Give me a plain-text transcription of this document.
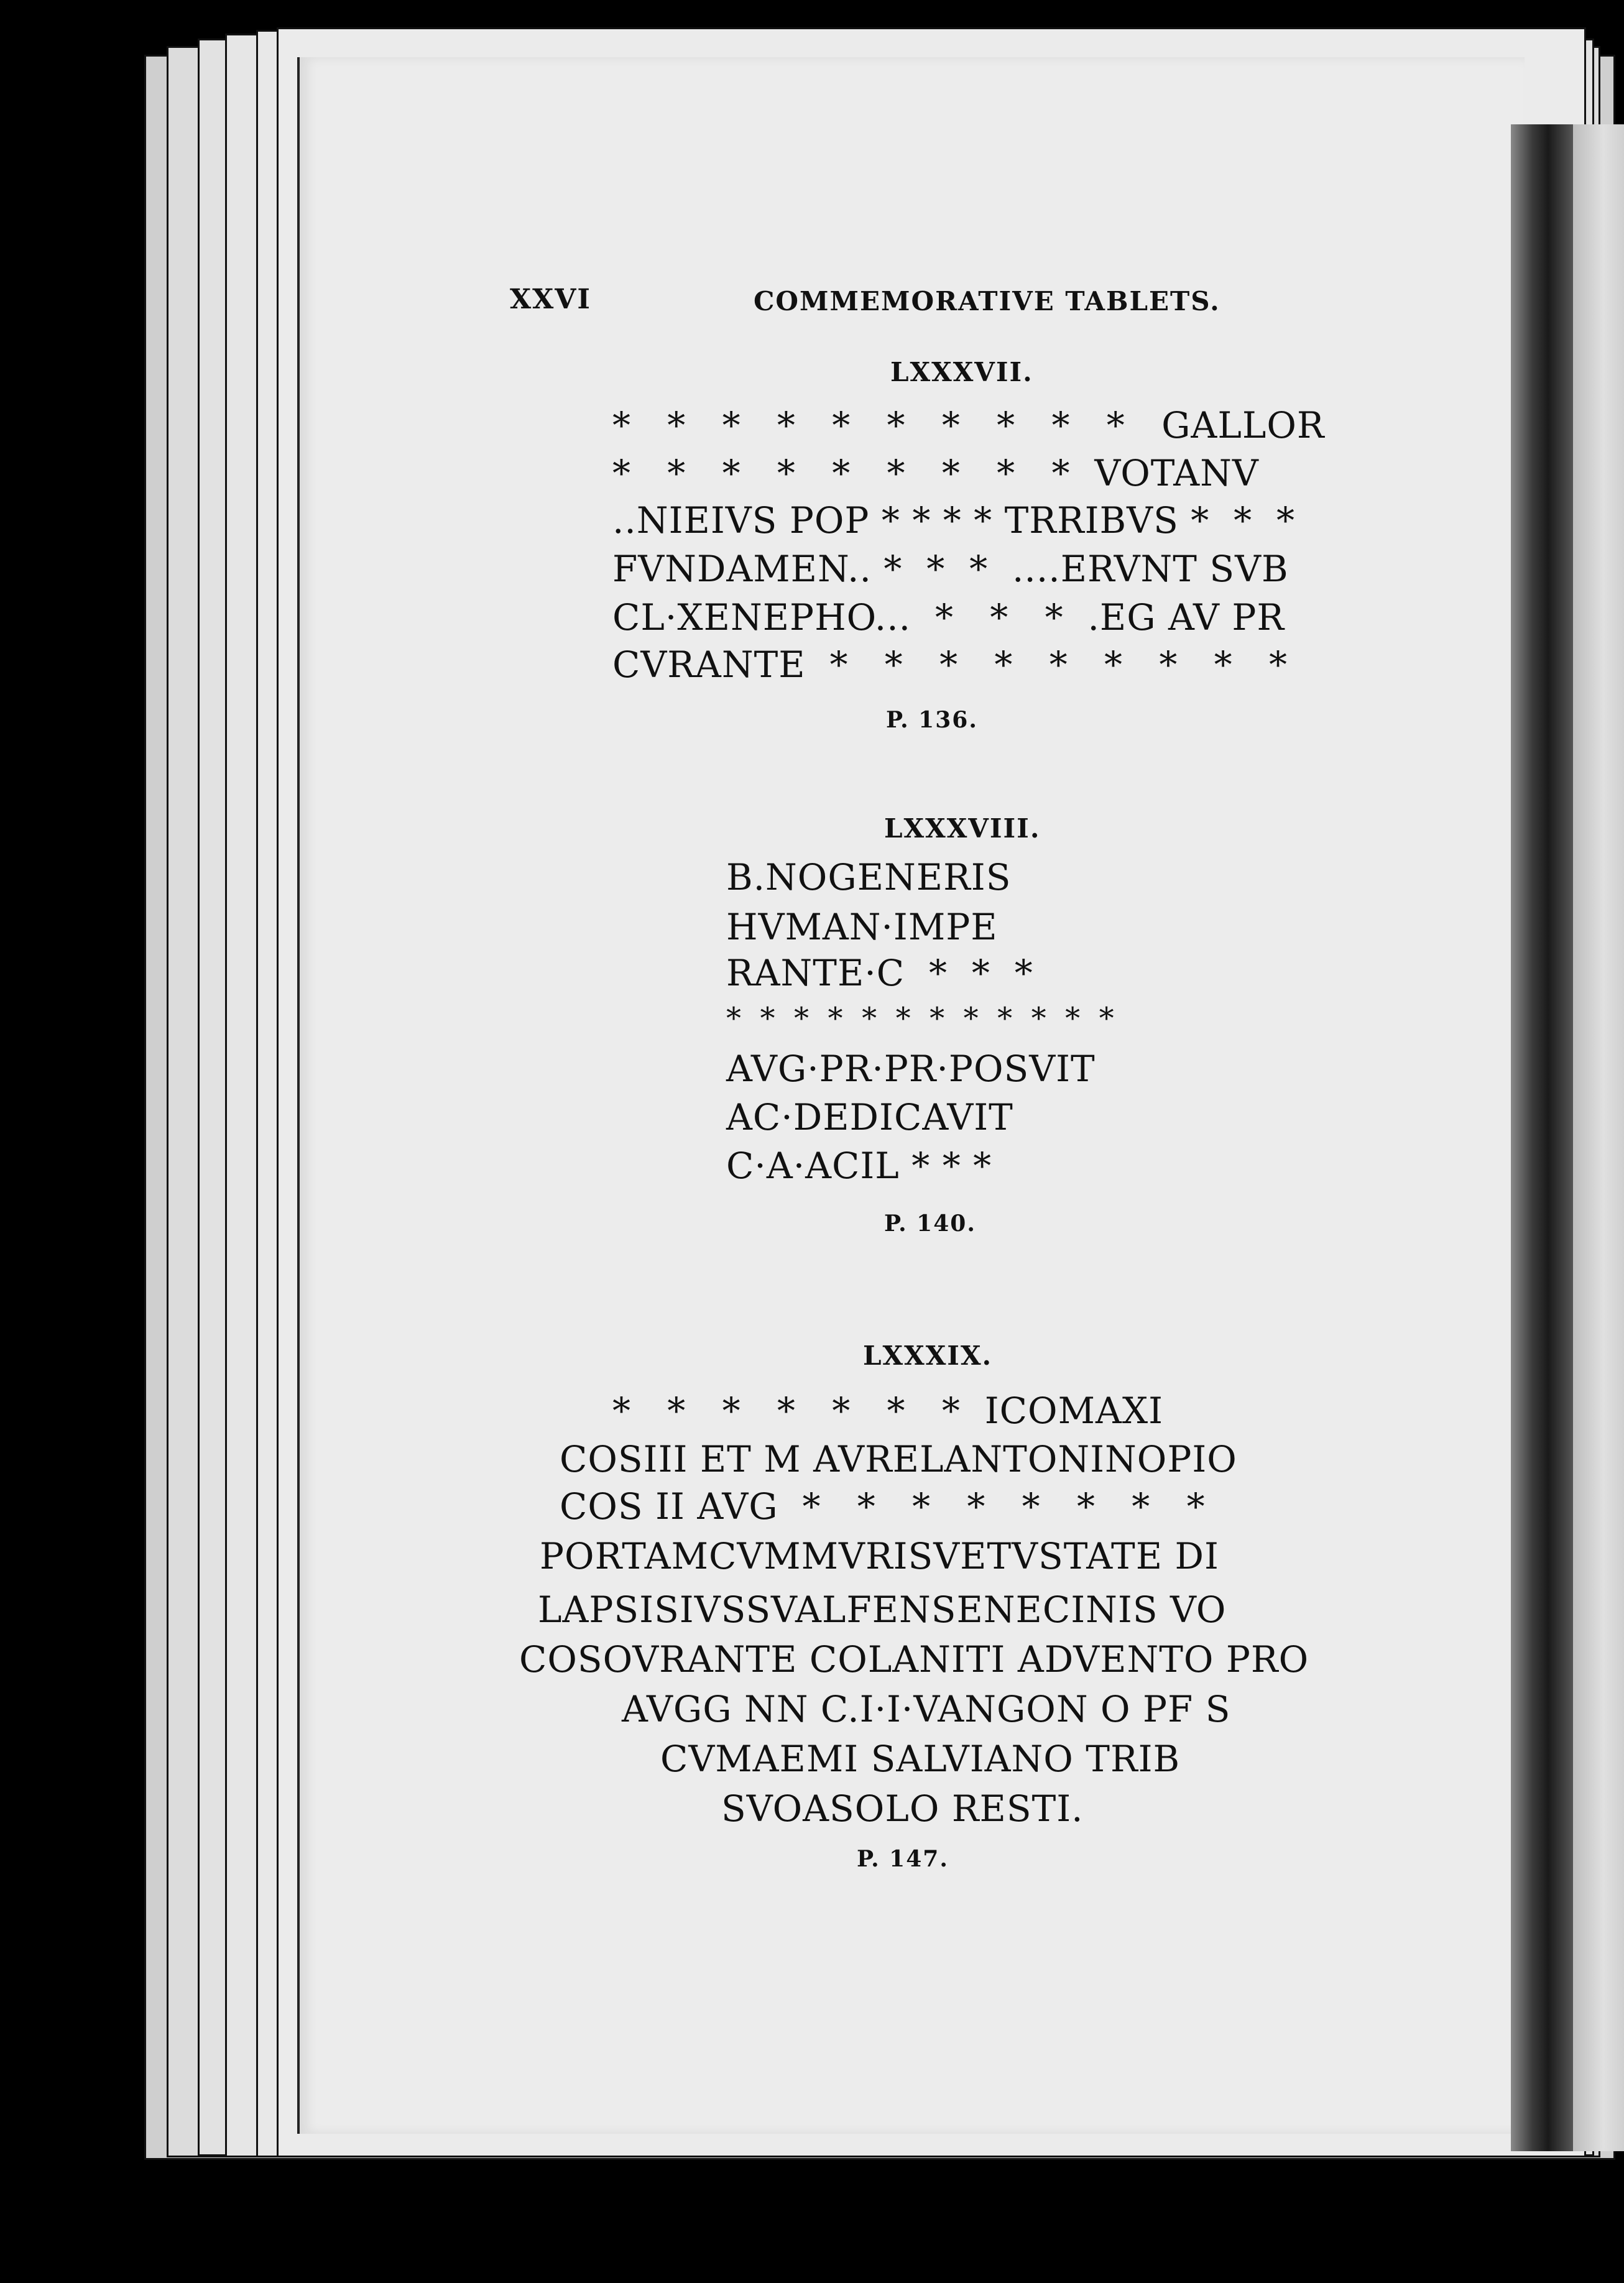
XXVI	COMMEMORATIVE TABLETS.
LXXXVII.
*   *   *   *   *   *   *   *   *   *   GALLOR
*   *   *   *   *   *   *   *   *  VOTANV
..NIEIVS POP * * * * TRRIBVS *  *  *
FVNDAMEN.. *  *  *  ....ERVNT SVB
CL·XENEPHO...  *   *   *  .EG AV PR
CVRANTE  *   *   *   *   *   *   *   *   *
P. 136.
LXXXVIII.
B.NOGENERIS
HVMAN·IMPE
RANTE·C  *  *  *
*  *  *  *  *  *  *  *  *  *  *  *
AVG·PR·PR·POSVIT
AC·DEDICAVIT
C·A·ACIL * * *
P. 140.
LXXXIX.
*   *   *   *   *   *   *  ICOMAXI
COSIII ET M AVRELANTONINOPIO
COS II AVG  *   *   *   *   *   *   *   *
PORTAMCVMMVRISVETVSTATE DI
LAPSISIVSSVALFENSENECINIS VO
COSOVRANTE COLANITI ADVENTO PRO
AVGG NN C.I·I·VANGON O PF S
CVMAEMI SALVIANO TRIB
SVOASOLO RESTI.
P. 147.
